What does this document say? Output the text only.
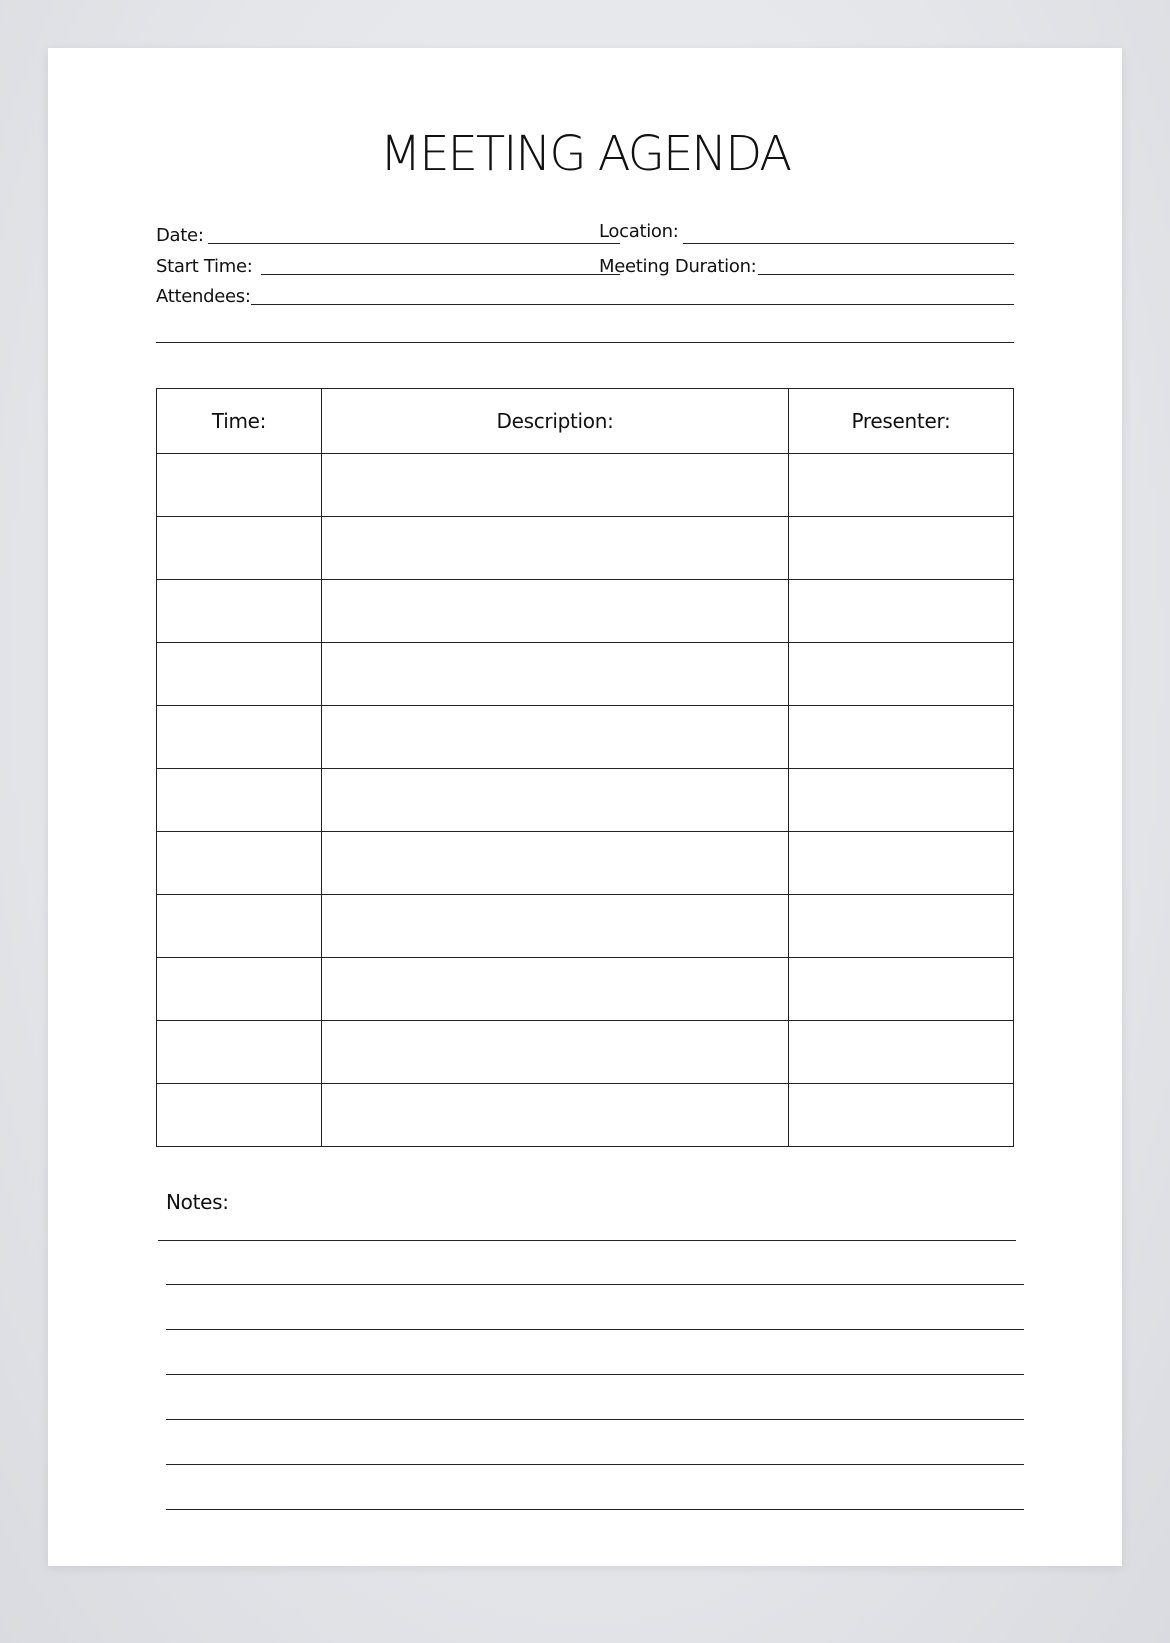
MEETING AGENDA
Date:	Location:
Start Time:	Meeting Duration:
Attendees:
Time:	Description:	Presenter:

Notes:
